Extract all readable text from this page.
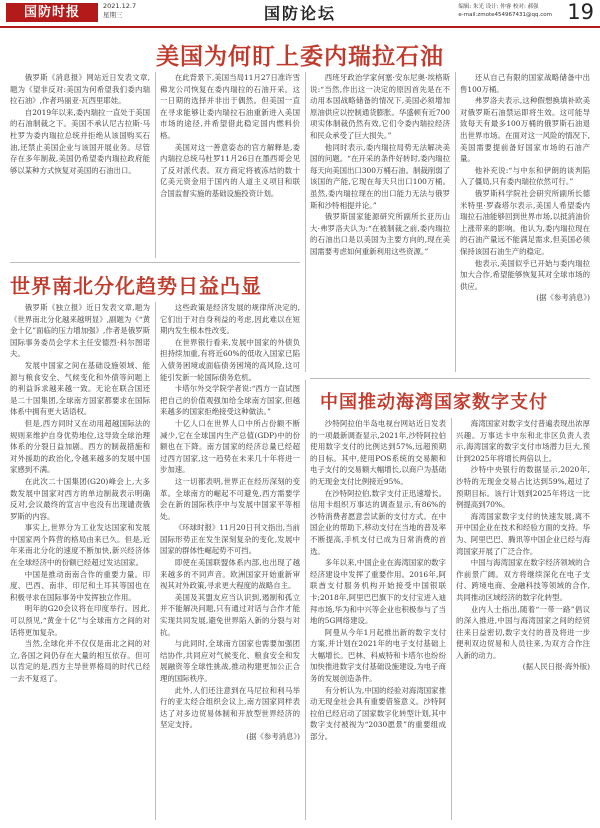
国防时报	2021.12.7
星期三	国防论坛	编辑: 朱光 设计: 仲睿 校对: 郝强
e-mail:zmote454967431@qq.com 19
美国为何盯上委内瑞拉石油

俄罗斯《消息报》网站近日发表文章,题为《望非反对:美国为何希望我们委内瑞拉石油》,作者玛丽亚·瓦西里耶娃。

自2019年以来,委内瑞拉一直处于美国的石油制裁之下。美国不承认尼古拉斯·马杜罗为委内瑞拉总统并拒绝从该国购买石油,还禁止美国企业与该国开展业务。尽管存在多年制裁,美国仍希望委内瑞拉政府能够以某种方式恢复对美国的石油出口。

在此背景下,美国当局11月27日准许雪佛龙公司恢复在委内瑞拉的石油开采。这一日期的选择并非出于偶然。但美国一直在寻求能够让委内瑞拉石油重新进入美国市场的途径,并希望借此稳定国内燃料价格。

美国对这一善意姿态的官方解释是,委内瑞拉总统马杜罗11月26日在墨西哥会见了反对派代表。双方商定将被冻结的数十亿美元资金用于国内的人道主义项目和联合国监督实施的基础设施投资计划。

西班牙政治学家何塞·安东尼奥·埃格斯说:“当然,作出这一决定的原因首先是在不动用本国战略储备的情况下,美国必须增加原油供应以控制通货膨胀。华盛顿有近700项实体制裁仍然有效,它们令委内瑞拉经济和民众承受了巨大损失。”

他同时表示,委内瑞拉局势无法解决美国的问题。“在开采的条件好转时,委内瑞拉每天向美国出口300万桶石油。制裁削弱了该国的产能,它现在每天只出口100万桶。虽然,委内瑞拉现在的出口能力无法与俄罗斯和沙特相提并论。”

俄罗斯国家能源研究所副所长亚历山大·弗罗洛夫认为:“在被制裁之前,委内瑞拉的石油出口是以美国为主要方向的,现在美国需要考虑如何重新利用这些资源。”

还从自己有限的国家战略储备中出售100万桶。

弗罗洛夫表示,这种假想换填补欧美对俄罗斯石油禁运即将生效。这可能导致每天有最多100万桶的俄罗斯石油退出世界市场。在面对这一风险的情况下,美国需要提前备好国家市场的石油产量。

他补充说:“与中东和伊朗的谈判陷入了僵局,只有委内瑞拉依然可行。”

俄罗斯科学院社会研究所副所长德米特里·罗森塔尔表示,美国人希望委内瑞拉石油能够回到世界市场,以抵消油价上涨带来的影响。他认为,委内瑞拉现在的石油产量远不能满足需求,但美国必须保持该国石油生产的稳定。

他表示,美国似乎已开始与委内瑞拉加大合作,希望能够恢复其对全球市场的供应。

(据《参考消息》)

世界南北分化趋势日益凸显

俄罗斯《独立报》近日发表文章,题为《世界南北分化越来越明显》,副题为《“黄金十亿”面临的压力增加强》,作者是俄罗斯国际事务委员会学术主任安德烈·科尔图诺夫。

发展中国家之间在基础设施领域、能源与粮食安全、气候变化和外债等问题上的利益诉求越来越一致。无论在联合国还是二十国集团,全球南方国家都要求在国际体系中拥有更大话语权。

但是,西方同时又在动用超越国际法的规则来维护自身优势地位,这导致全球治理体系的分裂日益加剧。西方的制裁措施和对外援助的政治化,令越来越多的发展中国家感到不满。

在此次二十国集团(G20)峰会上,大多数发展中国家对西方的单边制裁表示明确反对,会议最终的宣言中也没有出现谴责俄罗斯的内容。

事实上,世界分为工业发达国家和发展中国家两个阵营的格局由来已久。但是,近年来南北分化的速度不断加快,新兴经济体在全球经济中的份额已经超过发达国家。

中国是推动南南合作的重要力量。印度、巴西、南非、印尼和土耳其等国也在积极寻求在国际事务中发挥独立作用。

明年的G20会议将在印度举行。因此,可以预见,“黄金十亿”与全球南方之间的对话将更加复杂。

当然,全球化并不仅仅是南北之间的对立,各国之间仍存在大量的相互依存。但可以肯定的是,西方主导世界格局的时代已经一去不复返了。

这些政策是经济发展的规律所决定的,它们出于对自身利益的考虑,因此难以在短期内发生根本性改变。

在世界银行看来,发展中国家的外债负担持续加重,有将近60%的低收入国家已陷入债务困境或面临债务困境的高风险,这可能引发新一轮国际债务危机。

卡塔尔外交学院学者说:“西方一直试图把自己的价值观强加给全球南方国家,但越来越多的国家拒绝接受这种做法。”

十亿人口在世界人口中所占份额不断减少,它在全球国内生产总值(GDP)中的份额也在下降。南方国家的经济总量已经超过西方国家,这一趋势在未来几十年将进一步加速。

这一切都表明,世界正在经历深刻的变革。全球南方的崛起不可避免,西方需要学会在新的国际秩序中与发展中国家平等相处。

《环球时报》11月20日刊文指出,当前国际形势正在发生深刻复杂的变化,发展中国家的群体性崛起势不可挡。

即使在美国联盟体系内部,也出现了越来越多的不同声音。欧洲国家开始重新审视其对外政策,寻求更大程度的战略自主。

美国及其盟友应当认识到,遏制和孤立并不能解决问题,只有通过对话与合作才能实现共同发展,避免世界陷入新的分裂与对抗。

与此同时,全球南方国家也需要加强团结协作,共同应对气候变化、粮食安全和发展融资等全球性挑战,推动构建更加公正合理的国际秩序。

此外,人们还注意到在马尼拉和利马举行的亚太经合组织会议上,南方国家同样表达了对多边贸易体制和开放型世界经济的坚定支持。

(据《参考消息》)

中国推动海湾国家数字支付

沙特阿拉伯半岛电视台网站近日发表的一项最新调查显示,2021年,沙特阿拉伯使用数字支付的比例达到57%,远超预期的目标。其中,使用POS系统的交易额和电子支付的交易额大幅增长,以商户为基础的无现金支付比例接近95%。

在沙特阿拉伯,数字支付正迅速增长。信用卡组织万事达的调查显示,有86%的沙特消费者愿意尝试新的支付方式。在中国企业的帮助下,移动支付在当地的普及率不断提高,手机支付已成为日常消费的首选。

多年以来,中国企业在海湾国家的数字经济建设中发挥了重要作用。2016年,阿联酋支付服务机构开始接受中国银联卡;2018年,阿里巴巴旗下的支付宝进入迪拜市场,华为和中兴等企业也积极参与了当地的5G网络建设。

阿曼从今年1月起推出新的数字支付方案,并计划在2021年的电子支付基础上大幅增长。巴林、科威特和卡塔尔也纷纷加快推进数字支付基础设施建设,为电子商务的发展创造条件。

有分析认为,中国的经验对海湾国家推动无现金社会具有重要借鉴意义。沙特阿拉伯已经启动了国家数字化转型计划,其中数字支付被视为“2030愿景”的重要组成部分。

海湾国家对数字支付普遍表现出浓厚兴趣。万事达卡中东和北非区负责人表示,海湾国家的数字支付市场潜力巨大,预计到2025年将增长两倍以上。

沙特中央银行的数据显示,2020年,沙特的无现金交易占比达到59%,超过了预期目标。该行计划到2025年将这一比例提高到70%。

海湾国家数字支付的快速发展,离不开中国企业在技术和经验方面的支持。华为、阿里巴巴、腾讯等中国企业已经与海湾国家开展了广泛合作。

中国与海湾国家在数字经济领域的合作前景广阔。双方将继续深化在电子支付、跨境电商、金融科技等领域的合作,共同推动区域经济的数字化转型。

业内人士指出,随着“一带一路”倡议的深入推进,中国与海湾国家之间的经贸往来日益密切,数字支付的普及将进一步便利双边贸易和人员往来,为双方合作注入新的动力。

(据人民日报·海外版)
